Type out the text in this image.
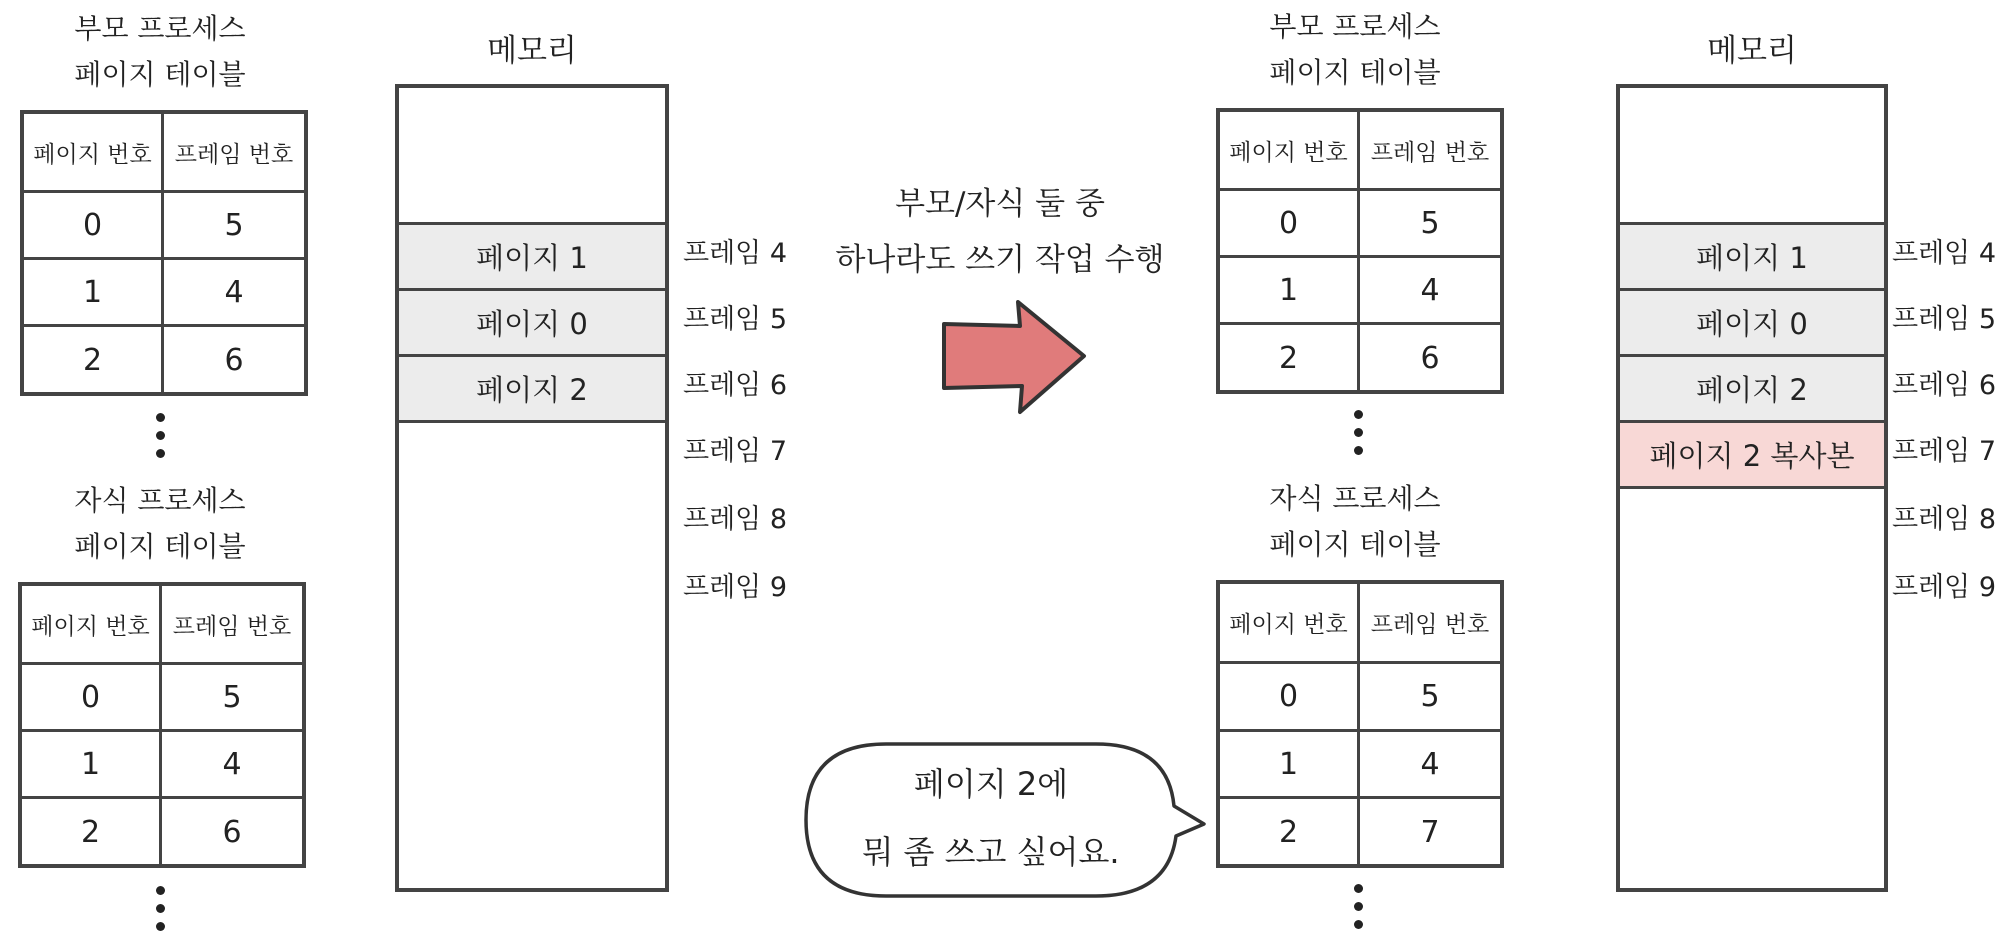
부모 프로세스
페이지 테이블
페이지 번호	프레임 번호
0	5
1	4
2	6
자식 프로세스
페이지 테이블
페이지 번호	프레임 번호
0	5
1	4
2	6
메모리
페이지 1
페이지 0
페이지 2
프레임 4
프레임 5
프레임 6
프레임 7
프레임 8
프레임 9
부모/자식 둘 중
하나라도 쓰기 작업 수행
페이지 2에
뭐 좀 쓰고 싶어요.
부모 프로세스
페이지 테이블
페이지 번호	프레임 번호
0	5
1	4
2	6
자식 프로세스
페이지 테이블
페이지 번호	프레임 번호
0	5
1	4
2	7
메모리
페이지 1
페이지 0
페이지 2
페이지 2 복사본
프레임 4
프레임 5
프레임 6
프레임 7
프레임 8
프레임 9
